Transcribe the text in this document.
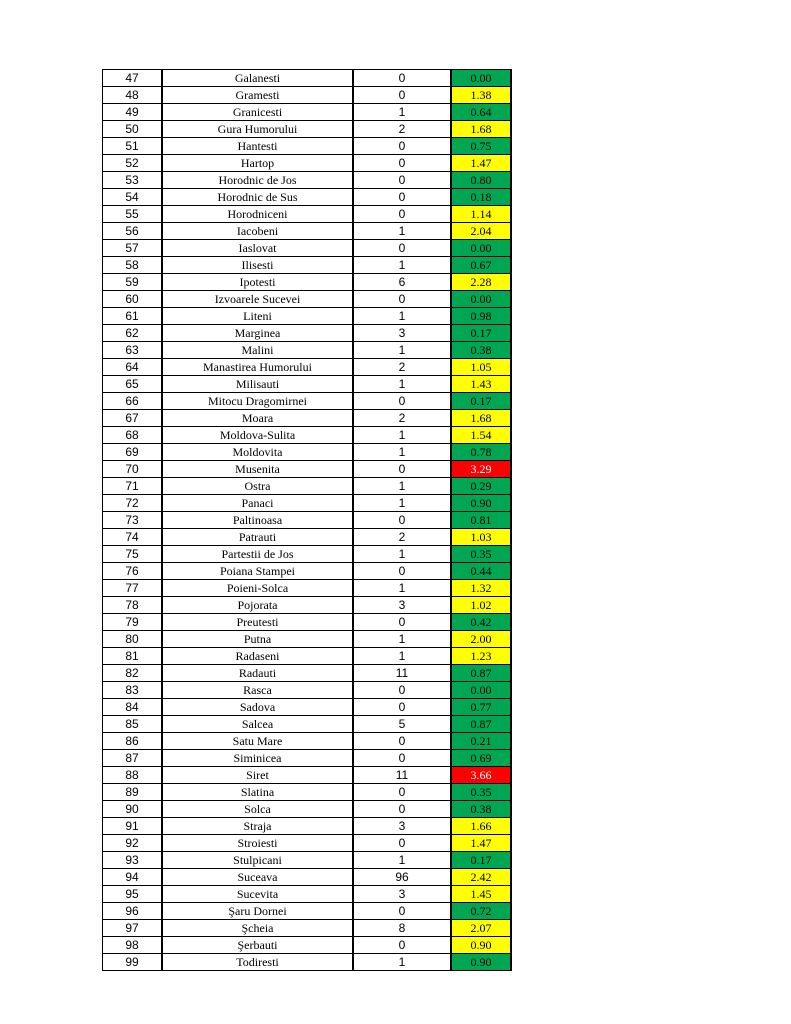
47	Galanesti	0	0.00
48	Gramesti	0	1.38
49	Granicesti	1	0.64
50	Gura Humorului	2	1.68
51	Hantesti	0	0.75
52	Hartop	0	1.47
53	Horodnic de Jos	0	0.80
54	Horodnic de Sus	0	0.18
55	Horodniceni	0	1.14
56	Iacobeni	1	2.04
57	Iaslovat	0	0.00
58	Ilisesti	1	0.67
59	Ipotesti	6	2.28
60	Izvoarele Sucevei	0	0.00
61	Liteni	1	0.98
62	Marginea	3	0.17
63	Malini	1	0.38
64	Manastirea Humorului	2	1.05
65	Milisauti	1	1.43
66	Mitocu Dragomirnei	0	0.17
67	Moara	2	1.68
68	Moldova-Sulita	1	1.54
69	Moldovita	1	0.78
70	Musenita	0	3.29
71	Ostra	1	0.29
72	Panaci	1	0.90
73	Paltinoasa	0	0.81
74	Patrauti	2	1.03
75	Partestii de Jos	1	0.35
76	Poiana Stampei	0	0.44
77	Poieni-Solca	1	1.32
78	Pojorata	3	1.02
79	Preutesti	0	0.42
80	Putna	1	2.00
81	Radaseni	1	1.23
82	Radauti	11	0.87
83	Rasca	0	0.00
84	Sadova	0	0.77
85	Salcea	5	0.87
86	Satu Mare	0	0.21
87	Siminicea	0	0.69
88	Siret	11	3.66
89	Slatina	0	0.35
90	Solca	0	0.38
91	Straja	3	1.66
92	Stroiesti	0	1.47
93	Stulpicani	1	0.17
94	Suceava	96	2.42
95	Sucevita	3	1.45
96	Şaru Dornei	0	0.72
97	Şcheia	8	2.07
98	Şerbauti	0	0.90
99	Todiresti	1	0.90
